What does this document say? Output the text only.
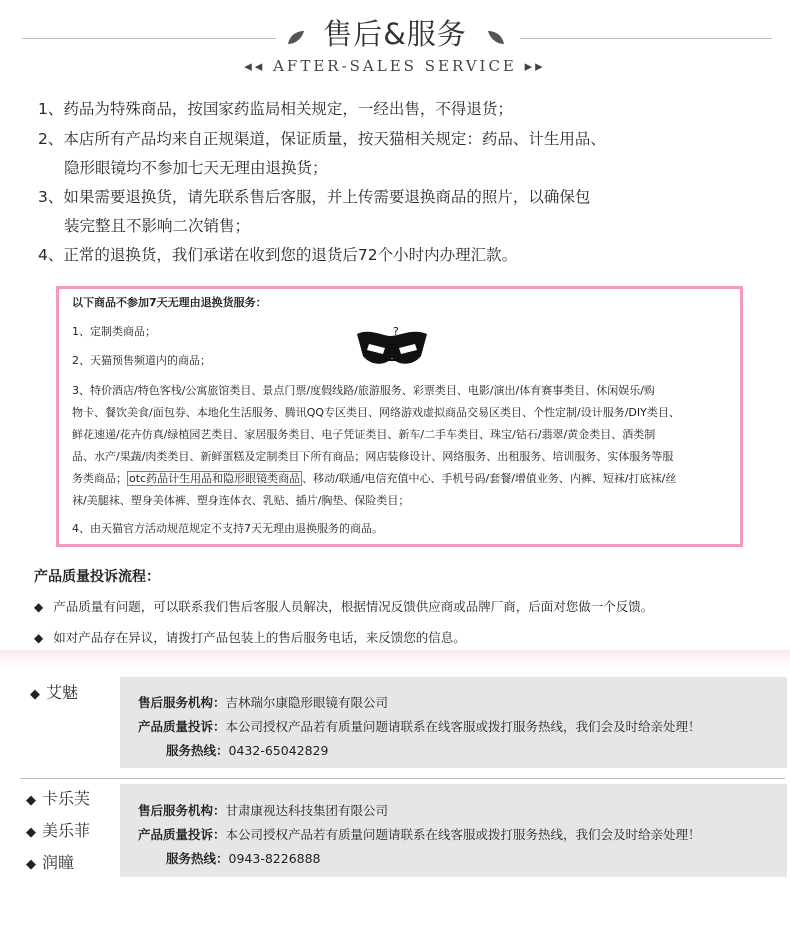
售后&服务
◂◂ AFTER-SALES SERVICE ▸▸
1、药品为特殊商品，按国家药监局相关规定，一经出售，不得退货；
2、本店所有产品均来自正规渠道，保证质量，按天猫相关规定：药品、计生用品、
隐形眼镜均不参加七天无理由退换货；
3、如果需要退换货，请先联系售后客服，并上传需要退换商品的照片，以确保包
装完整且不影响二次销售；
4、正常的退换货，我们承诺在收到您的退货后72个小时内办理汇款。
以下商品不参加7天无理由退换货服务：
1、定制类商品；
2、天猫预售频道内的商品；
3、特价酒店/特色客栈/公寓旅馆类目、景点门票/度假线路/旅游服务、彩票类目、电影/演出/体育赛事类目、休闲娱乐/购
物卡、餐饮美食/面包券、本地化生活服务、腾讯QQ专区类目、网络游戏虚拟商品交易区类目、个性定制/设计服务/DIY类目、
鲜花速递/花卉仿真/绿植园艺类目、家居服务类目、电子凭证类目、新车/二手车类目、珠宝/钻石/翡翠/黄金类目、酒类制
品、水产/果蔬/肉类类目、新鲜蛋糕及定制类目下所有商品；网店装修设计、网络服务、出租服务、培训服务、实体服务等服
务类商品； otc药品计生用品和隐形眼镜类商品 、移动/联通/电信充值中心、手机号码/套餐/增值业务、内裤、短袜/打底袜/丝
袜/美腿袜、塑身美体裤、塑身连体衣、乳贴、插片/胸垫、保险类目；
4、由天猫官方活动规范规定不支持7天无理由退换服务的商品。
?
产品质量投诉流程：
◆ 产品质量有问题，可以联系我们售后客服人员解决，根据情况反馈供应商或品牌厂商，后面对您做一个反馈。
◆ 如对产品存在异议，请拨打产品包装上的售后服务电话，来反馈您的信息。
◆ 艾魅
售后服务机构：吉林瑞尔康隐形眼镜有限公司
产品质量投诉：本公司授权产品若有质量问题请联系在线客服或拨打服务热线，我们会及时给亲处理！
服务热线：0432-65042829
◆ 卡乐芙
◆ 美乐菲
◆ 润瞳
售后服务机构：甘肃康视达科技集团有限公司
产品质量投诉：本公司授权产品若有质量问题请联系在线客服或拨打服务热线，我们会及时给亲处理！
服务热线：0943-8226888
